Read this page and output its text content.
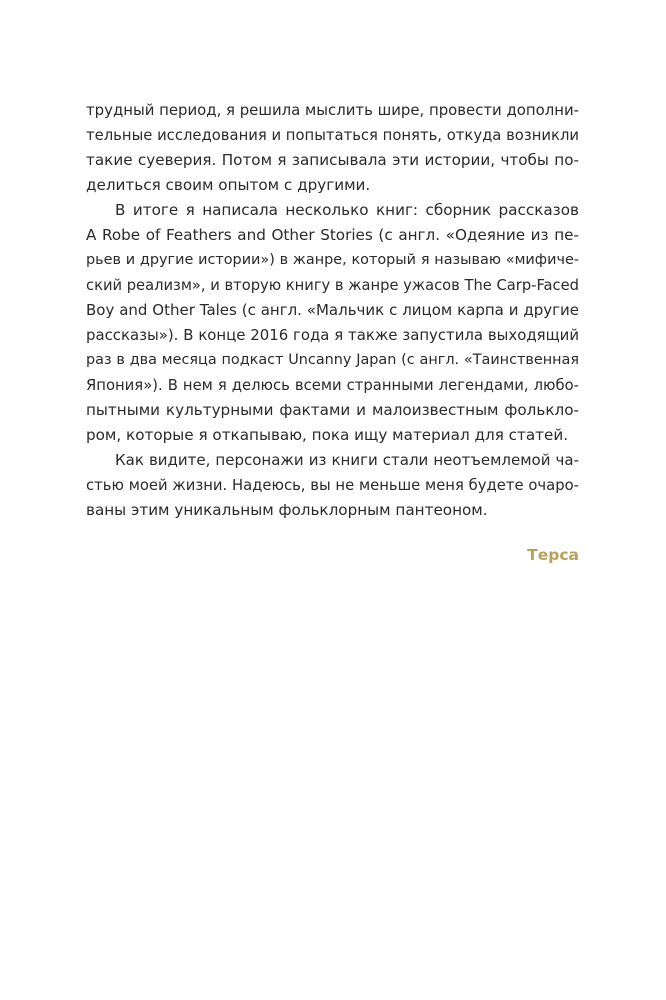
трудный период, я решила мыслить шире, провести дополни-
тельные исследования и попытаться понять, откуда возникли
такие суеверия. Потом я записывала эти истории, чтобы по-
делиться своим опытом с другими.
В итоге я написала несколько книг: сборник рассказов
A Robe of Feathers and Other Stories (с англ. «Одеяние из пе-
рьев и другие истории») в жанре, который я называю «мифиче-
ский реализм», и вторую книгу в жанре ужасов The Carp-Faced
Boy and Other Tales (с англ. «Мальчик с лицом карпа и другие
рассказы»). В конце 2016 года я также запустила выходящий
раз в два месяца подкаст Uncanny Japan (с англ. «Таинственная
Япония»). В нем я делюсь всеми странными легендами, любо-
пытными культурными фактами и малоизвестным фолькло-
ром, которые я откапываю, пока ищу материал для статей.
Как видите, персонажи из книги стали неотъемлемой ча-
стью моей жизни. Надеюсь, вы не меньше меня будете очаро-
ваны этим уникальным фольклорным пантеоном.
Терса
